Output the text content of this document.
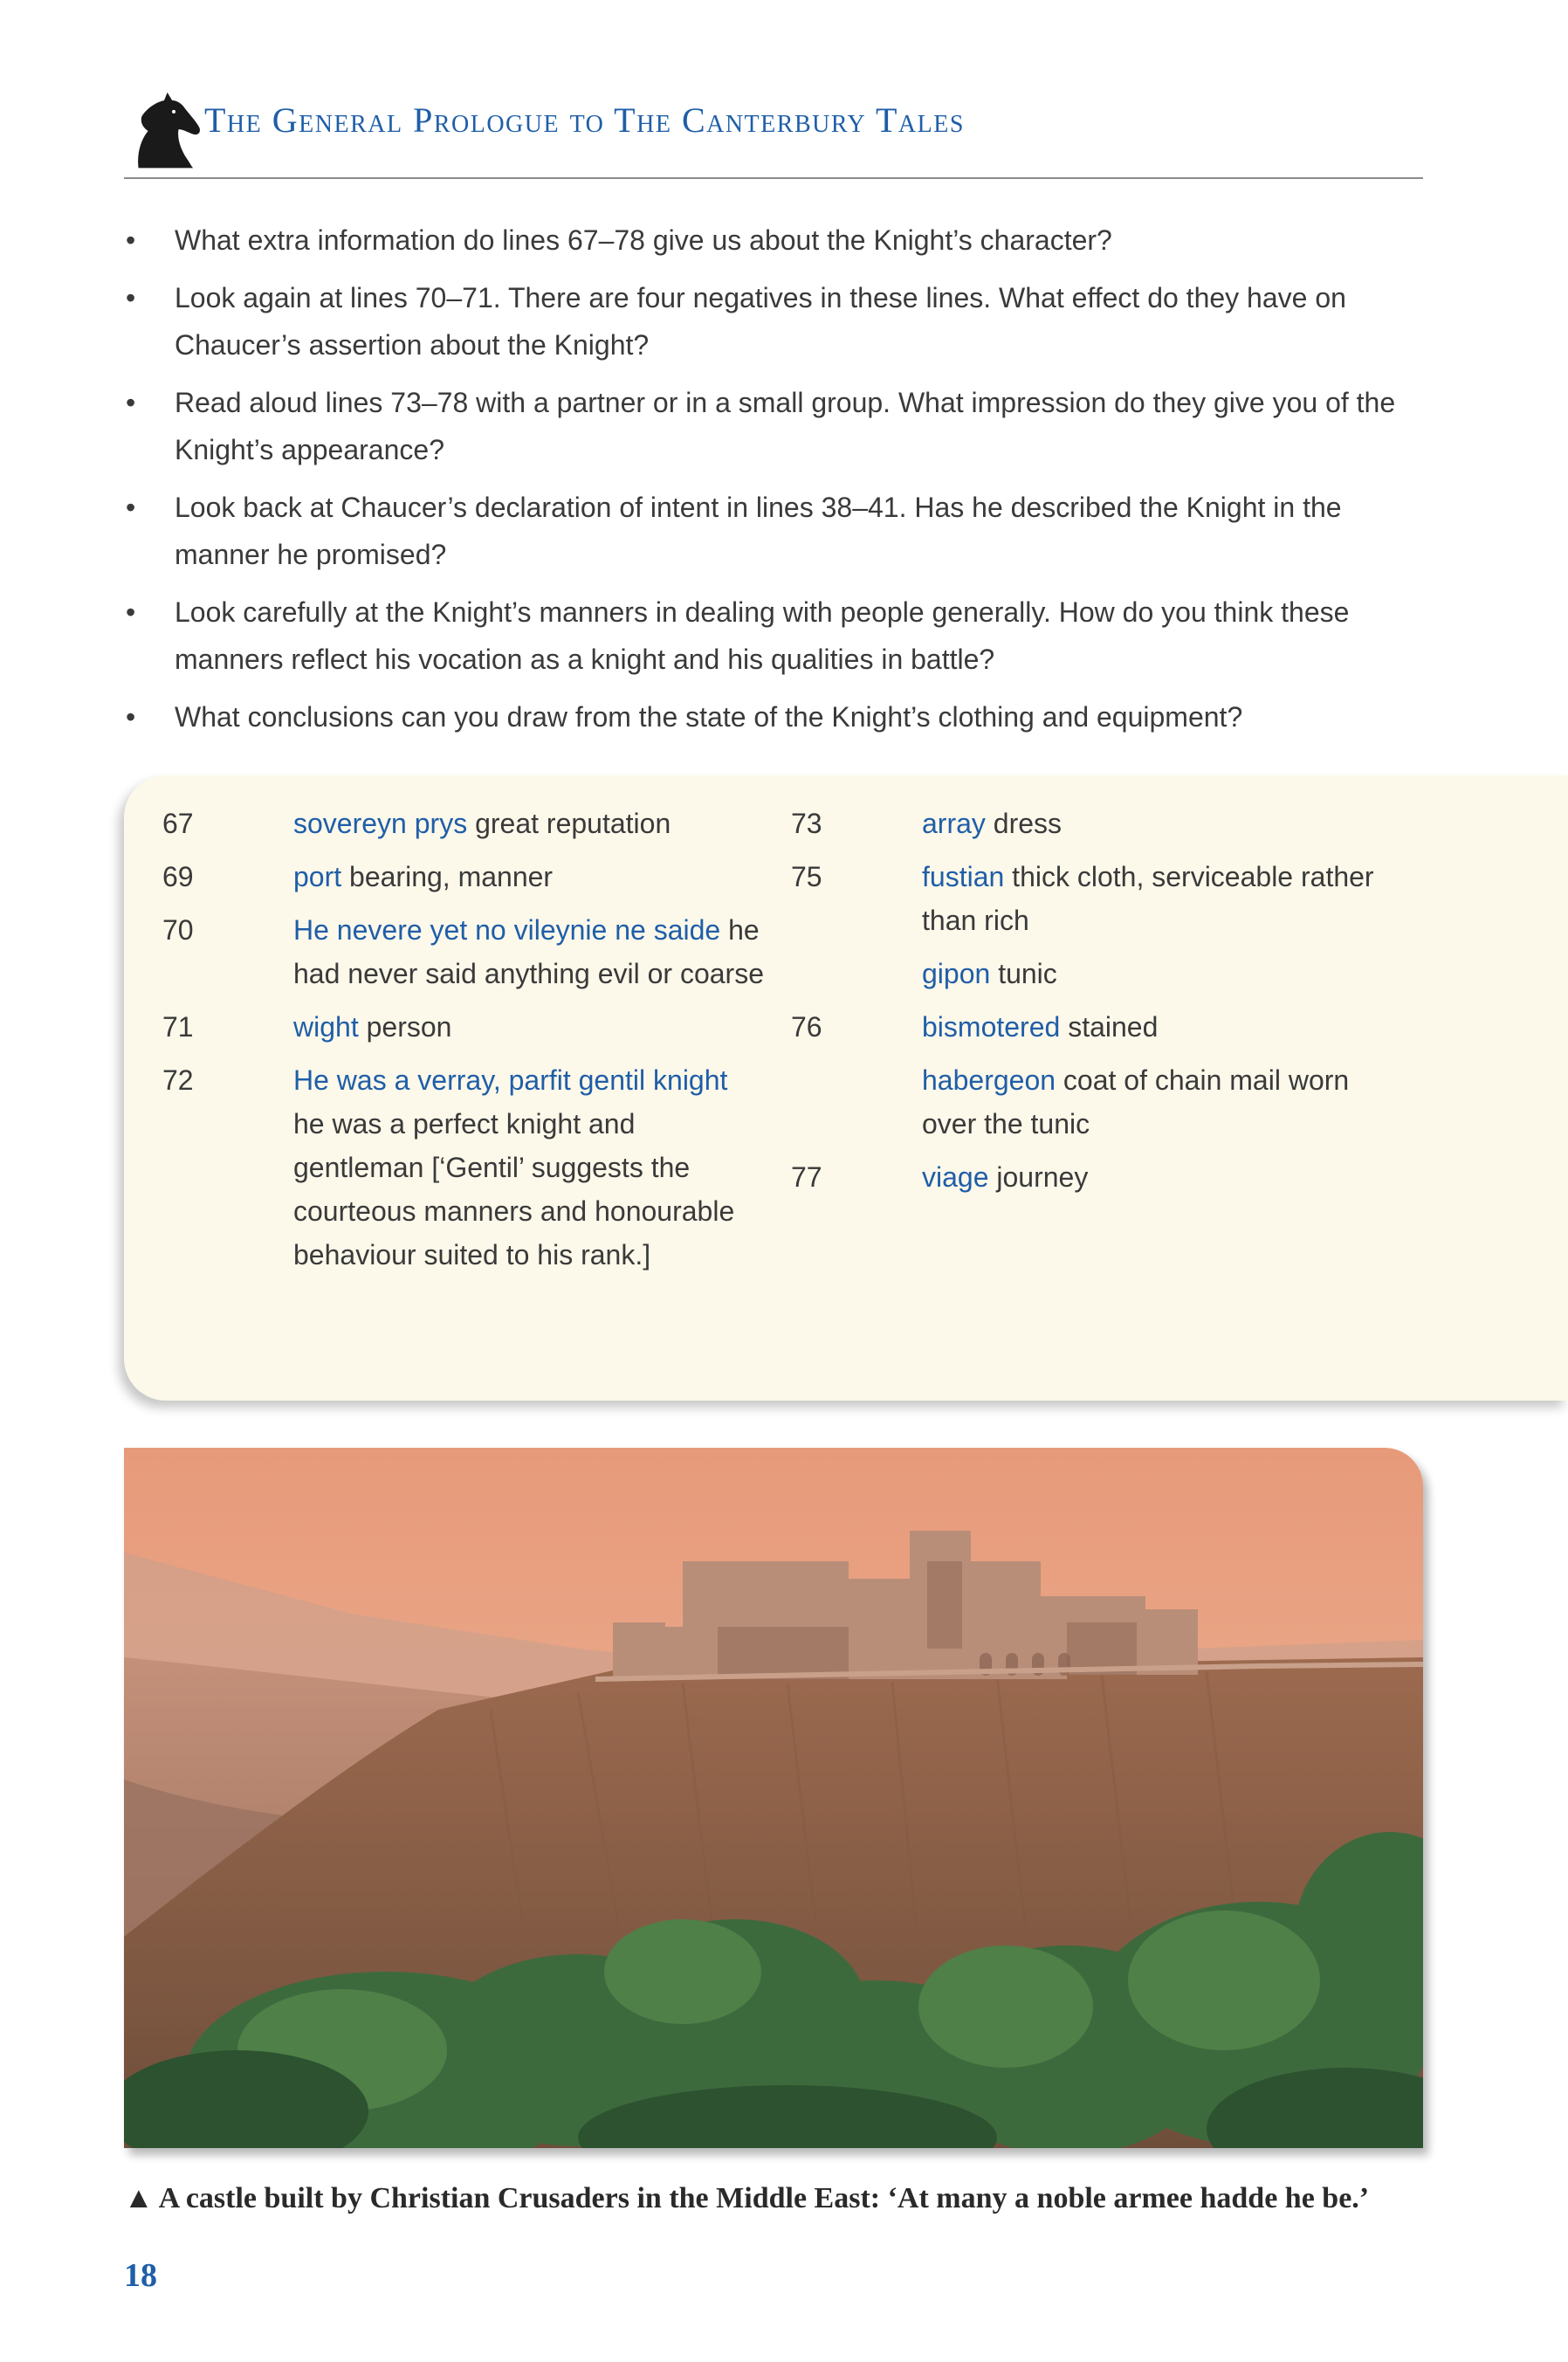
The General Prologue to The Canterbury Tales
• What extra information do lines 67–78 give us about the Knight’s character?
• Look again at lines 70–71. There are four negatives in these lines. What effect do they have on Chaucer’s assertion about the Knight?
• Read aloud lines 73–78 with a partner or in a small group. What impression do they give you of the Knight’s appearance?
• Look back at Chaucer’s declaration of intent in lines 38–41. Has he described the Knight in the manner he promised?
• Look carefully at the Knight’s manners in dealing with people generally. How do you think these manners reflect his vocation as a knight and his qualities in battle?
• What conclusions can you draw from the state of the Knight’s clothing and equipment?
67	sovereyn prys great reputation
69	port bearing, manner
70	He nevere yet no vileynie ne saide he had never said anything evil or coarse
71	wight person
72	He was a verray, parfit gentil knight he was a perfect knight and gentleman [‘Gentil’ suggests the courteous manners and honourable behaviour suited to his rank.]
73	array dress
75	fustian thick cloth, serviceable rather than rich
gipon tunic
76	bismotered stained
habergeon coat of chain mail worn over the tunic
77	viage journey
▲ A castle built by Christian Crusaders in the Middle East: ‘At many a noble armee hadde he be.’
18
